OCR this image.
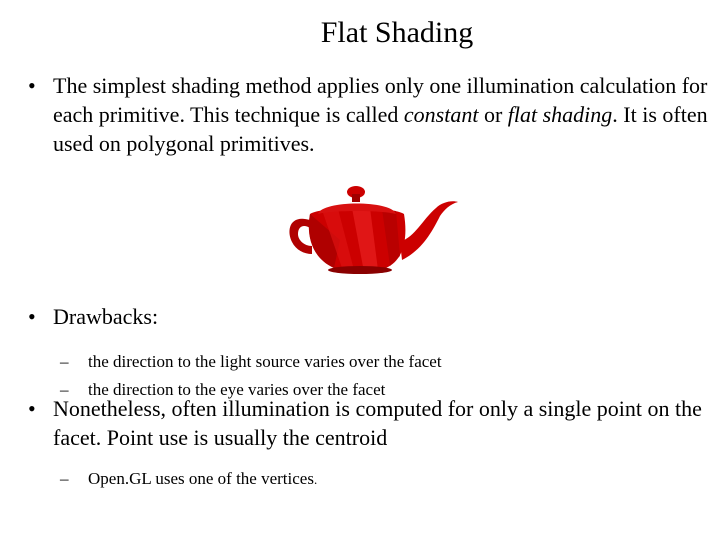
Flat Shading
• The simplest shading method applies only one illumination calculation for each primitive. This technique is called constant or flat shading. It is often used on polygonal primitives.
• Drawbacks:
– the direction to the light source varies over the facet
– the direction to the eye varies over the facet
• Nonetheless, often illumination is computed for only a single point on the facet. Point use is usually the centroid
– Open.GL uses one of the vertices.
